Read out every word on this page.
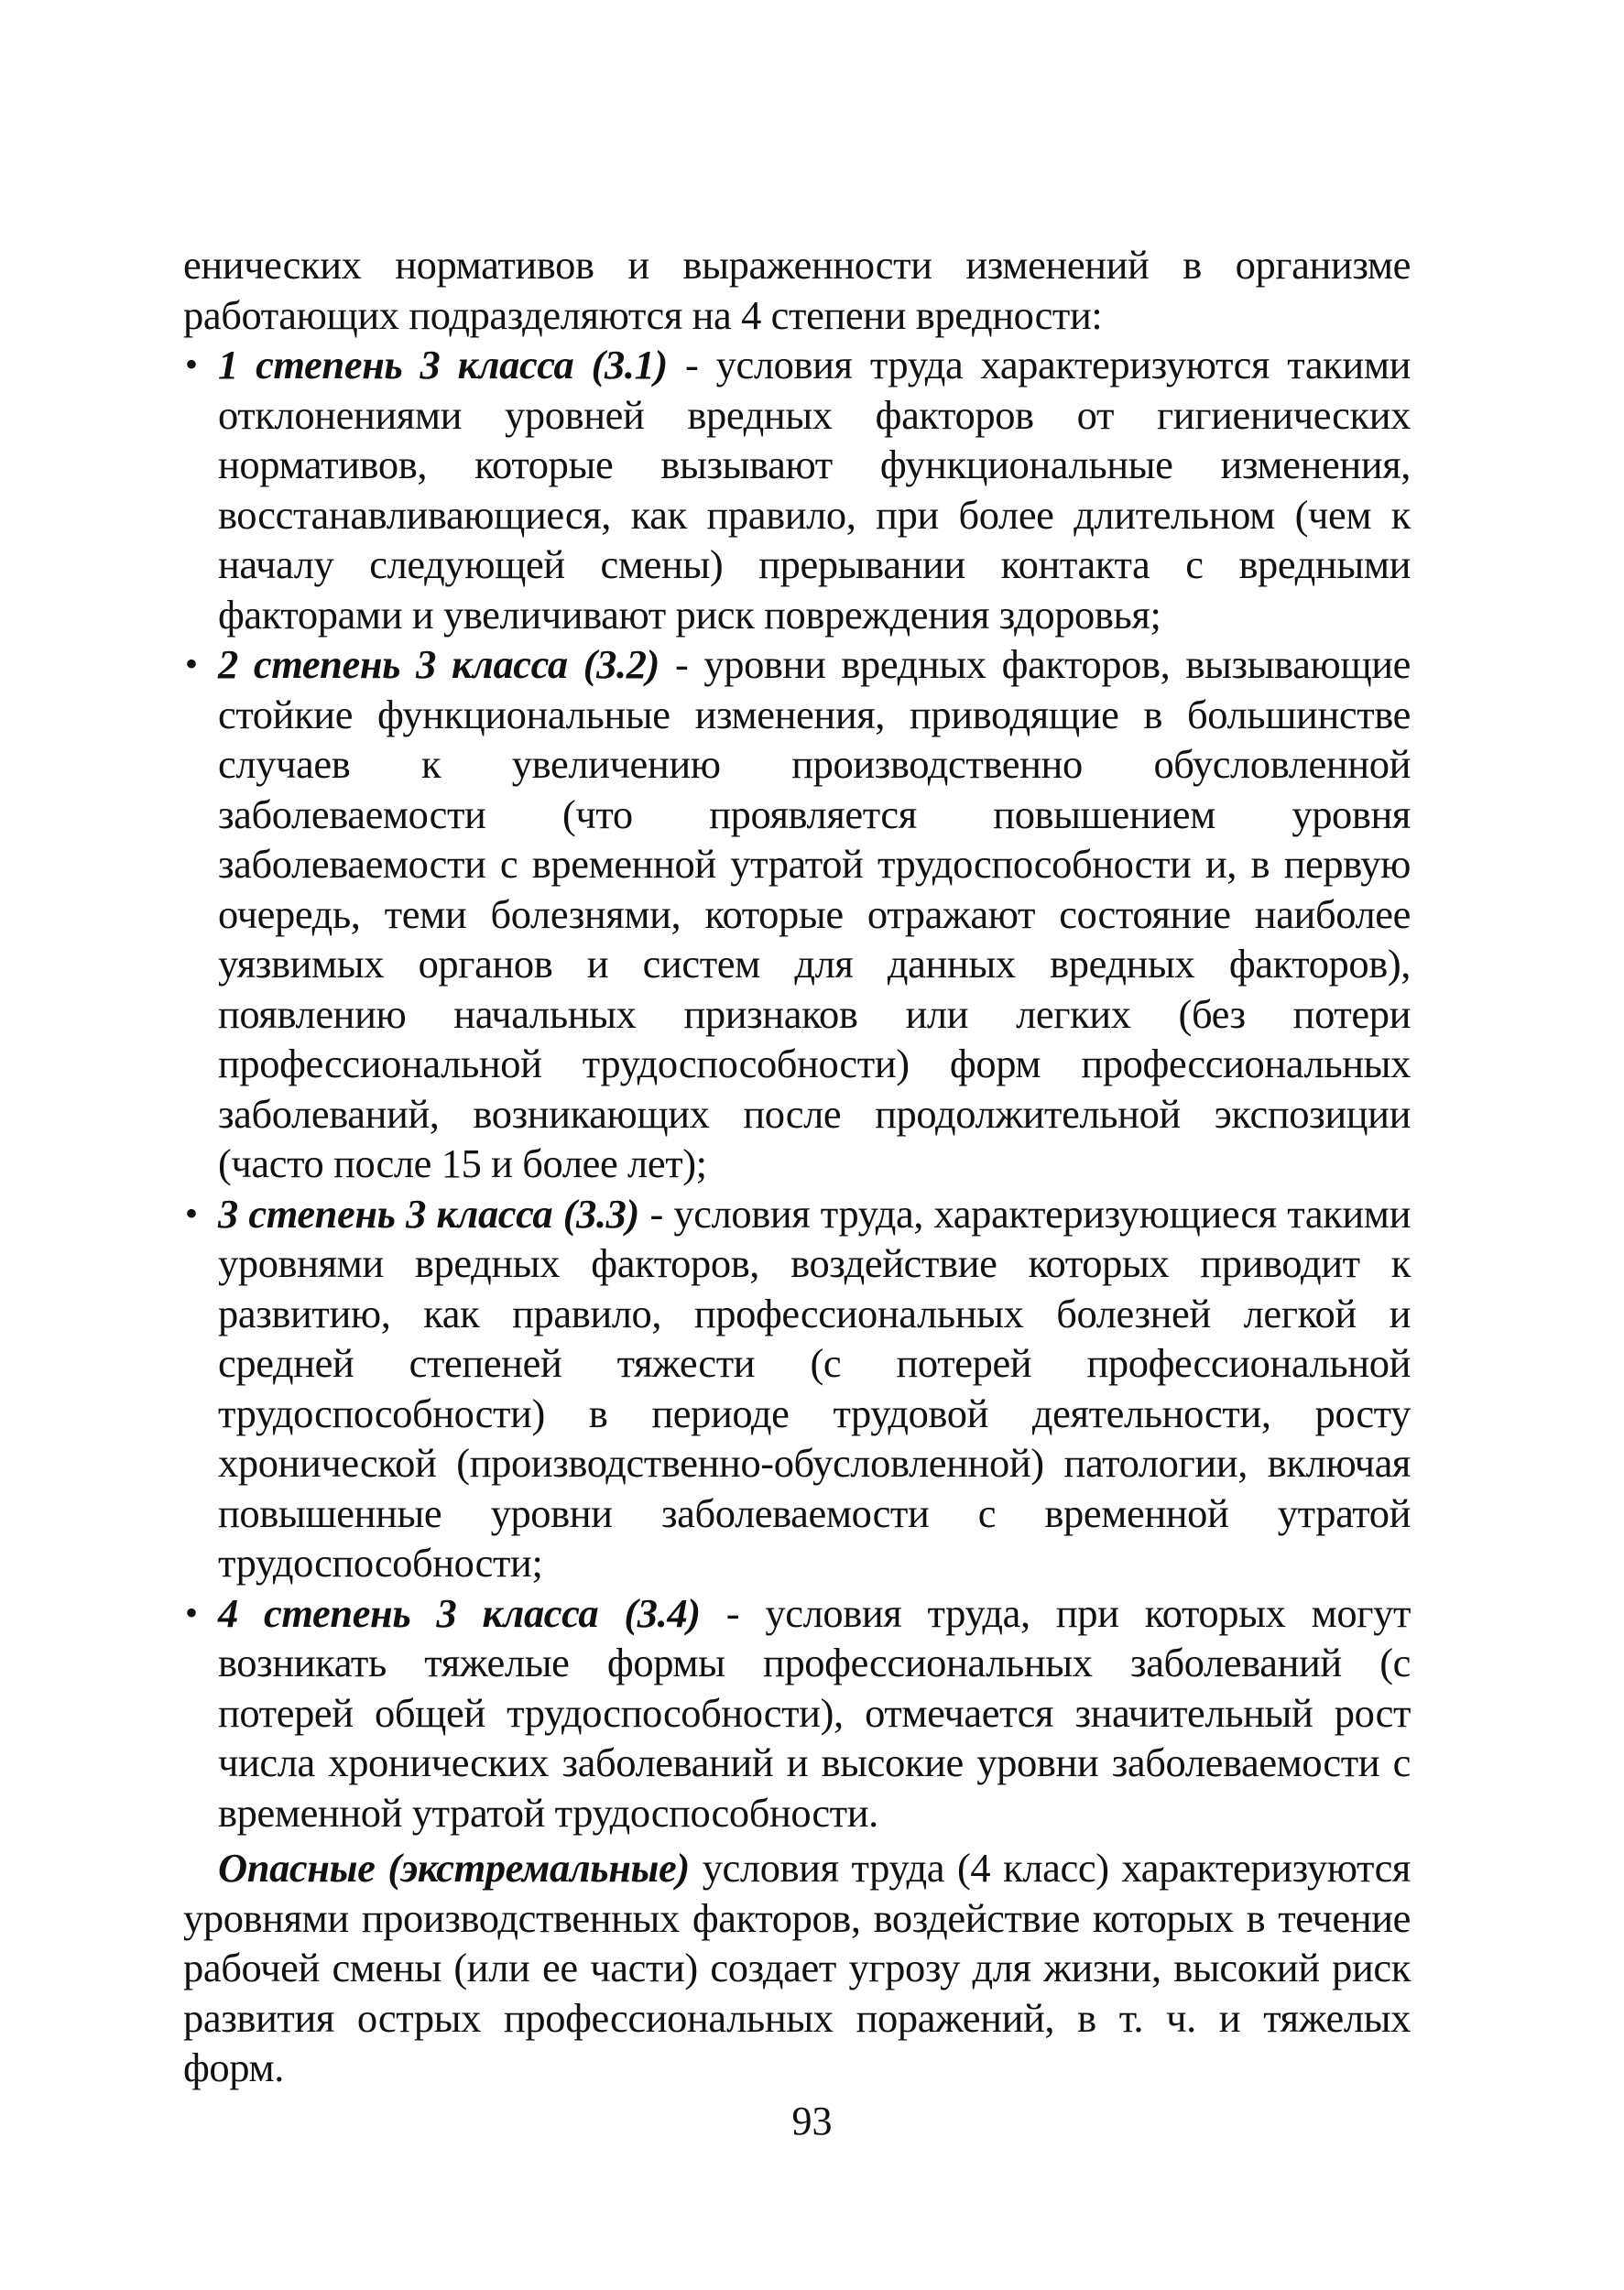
енических нормативов и выраженности изменений в организме работающих подразделяются на 4 степени вредности:

• 1 степень 3 класса (3.1) - условия труда характеризуются такими отклонениями уровней вредных факторов от гигиенических нормативов, которые вызывают функциональные изменения, восстанавливающиеся, как правило, при более длительном (чем к началу следующей смены) прерывании контакта с вредными факторами и увеличивают риск повреждения здоровья;
• 2 степень 3 класса (3.2) - уровни вредных факторов, вызывающие стойкие функциональные изменения, приводящие в большинстве случаев к увеличению производственно обусловленной заболеваемости (что проявляется повышением уровня заболеваемости с временной утратой трудоспособности и, в первую очередь, теми болезнями, которые отражают состояние наиболее уязвимых органов и систем для данных вредных факторов), появлению начальных признаков или легких (без потери профессиональной трудоспособности) форм профессиональных заболеваний, возникающих после продолжительной экспозиции (часто после 15 и более лет);
• 3 степень 3 класса (3.3) - условия труда, характеризующиеся такими уровнями вредных факторов, воздействие которых приводит к развитию, как правило, профессиональных болезней легкой и средней степеней тяжести (с потерей профессиональной трудоспособности) в периоде трудовой деятельности, росту хронической (производственно-обусловленной) патологии, включая повышенные уровни заболеваемости с временной утратой трудоспособности;
• 4 степень 3 класса (3.4) - условия труда, при которых могут возникать тяжелые формы профессиональных заболеваний (с потерей общей трудоспособности), отмечается значительный рост числа хронических заболеваний и высокие уровни заболеваемости с временной утратой трудоспособности.

Опасные (экстремальные) условия труда (4 класс) характеризуются уровнями производственных факторов, воздействие которых в течение рабочей смены (или ее части) создает угрозу для жизни, высокий риск развития острых профессиональных поражений, в т. ч. и тяжелых форм.

93
